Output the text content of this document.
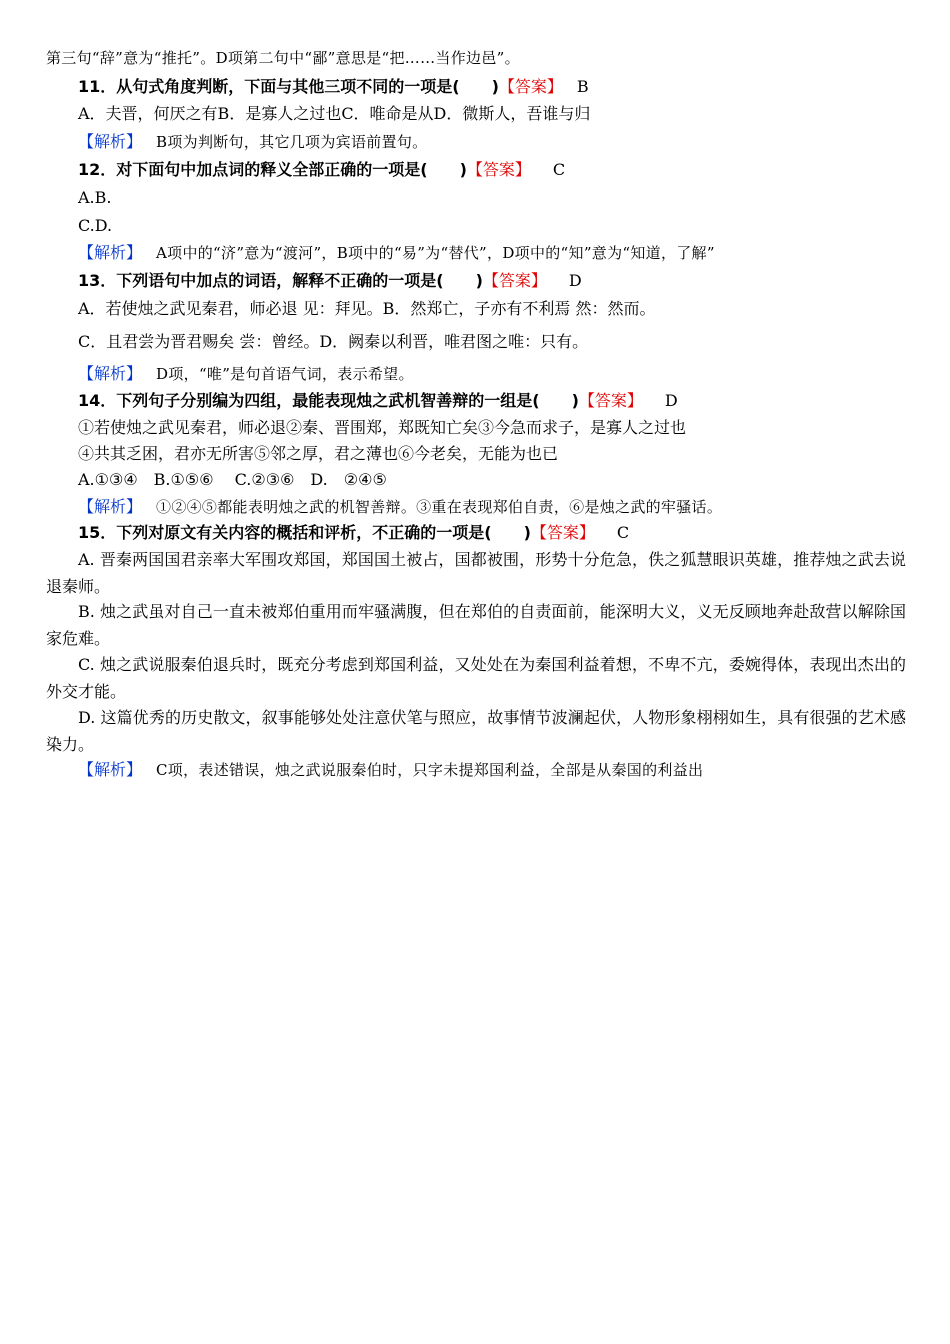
第三句“辞”意为“推托”。D项第二句中“鄙”意思是“把……当作边邑”。
11．从句式角度判断，下面与其他三项不同的一项是(　　)【答案】 B
A．夫晋，何厌之有B．是寡人之过也C．唯命是从D．微斯人，吾谁与归
【解析】 B项为判断句，其它几项为宾语前置句。
12．对下面句中加点词的释义全部正确的一项是(　　)【答案】 C
A.B.
C.D.
【解析】 A项中的“济”意为“渡河”，B项中的“易”为“替代”，D项中的“知”意为“知道，了解”
13．下列语句中加点的词语，解释不正确的一项是(　　)【答案】 D
A．若使烛之武见秦君，师必退 见：拜见。B．然郑亡，子亦有不利焉 然：然而。
C．且君尝为晋君赐矣 尝：曾经。D．阙秦以利晋，唯君图之唯：只有。
【解析】 D项，“唯”是句首语气词，表示希望。
14．下列句子分别编为四组，最能表现烛之武机智善辩的一组是(　　)【答案】 D
①若使烛之武见秦君，师必退②秦、晋围郑，郑既知亡矣③今急而求子，是寡人之过也
④共其乏困，君亦无所害⑤邻之厚，君之薄也⑥今老矣，无能为也已
A.①③④　B.①⑤⑥　 C.②③⑥　D.　②④⑤
【解析】 ①②④⑤都能表明烛之武的机智善辩。③重在表现郑伯自责，⑥是烛之武的牢骚话。
15．下列对原文有关内容的概括和评析，不正确的一项是(　　)【答案】 C
A. 晋秦两国国君亲率大军围攻郑国，郑国国土被占，国都被围，形势十分危急，佚之狐慧眼识英雄，推荐烛之武去说退秦师。
B. 烛之武虽对自己一直未被郑伯重用而牢骚满腹，但在郑伯的自责面前，能深明大义，义无反顾地奔赴敌营以解除国家危难。
C. 烛之武说服秦伯退兵时，既充分考虑到郑国利益，又处处在为秦国利益着想，不卑不亢，委婉得体，表现出杰出的外交才能。
D. 这篇优秀的历史散文，叙事能够处处注意伏笔与照应，故事情节波澜起伏，人物形象栩栩如生，具有很强的艺术感染力。
【解析】 C项，表述错误，烛之武说服秦伯时，只字未提郑国利益，全部是从秦国的利益出
